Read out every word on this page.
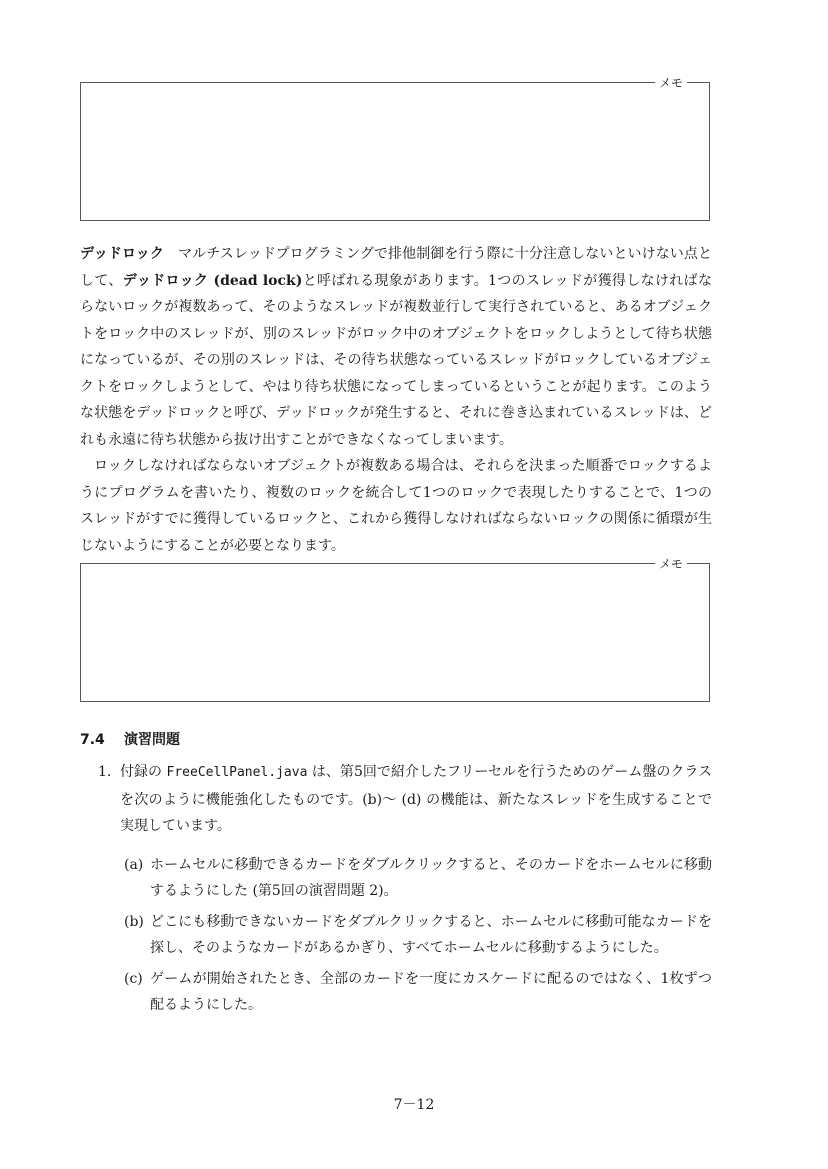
メモ

デッドロック　マルチスレッドプログラミングで排他制御を行う際に十分注意しないといけない点として、デッドロック (dead lock)と呼ばれる現象があります。1つのスレッドが獲得しなければならないロックが複数あって、そのようなスレッドが複数並行して実行されていると、あるオブジェクトをロック中のスレッドが、別のスレッドがロック中のオブジェクトをロックしようとして待ち状態になっているが、その別のスレッドは、その待ち状態なっているスレッドがロックしているオブジェクトをロックしようとして、やはり待ち状態になってしまっているということが起ります。このような状態をデッドロックと呼び、デッドロックが発生すると、それに巻き込まれているスレッドは、どれも永遠に待ち状態から抜け出すことができなくなってしまいます。

ロックしなければならないオブジェクトが複数ある場合は、それらを決まった順番でロックするようにプログラムを書いたり、複数のロックを統合して1つのロックで表現したりすることで、1つのスレッドがすでに獲得しているロックと、これから獲得しなければならないロックの関係に循環が生じないようにすることが必要となります。

メモ
7.4 演習問題
1. 付録の FreeCellPanel.java は、第5回で紹介したフリーセルを行うためのゲーム盤のクラスを次のように機能強化したものです。(b)～ (d) の機能は、新たなスレッドを生成することで実現しています。
(a) ホームセルに移動できるカードをダブルクリックすると、そのカードをホームセルに移動するようにした (第5回の演習問題 2)。
(b) どこにも移動できないカードをダブルクリックすると、ホームセルに移動可能なカードを探し、そのようなカードがあるかぎり、すべてホームセルに移動するようにした。
(c) ゲームが開始されたとき、全部のカードを一度にカスケードに配るのではなく、1枚ずつ配るようにした。
7－12
